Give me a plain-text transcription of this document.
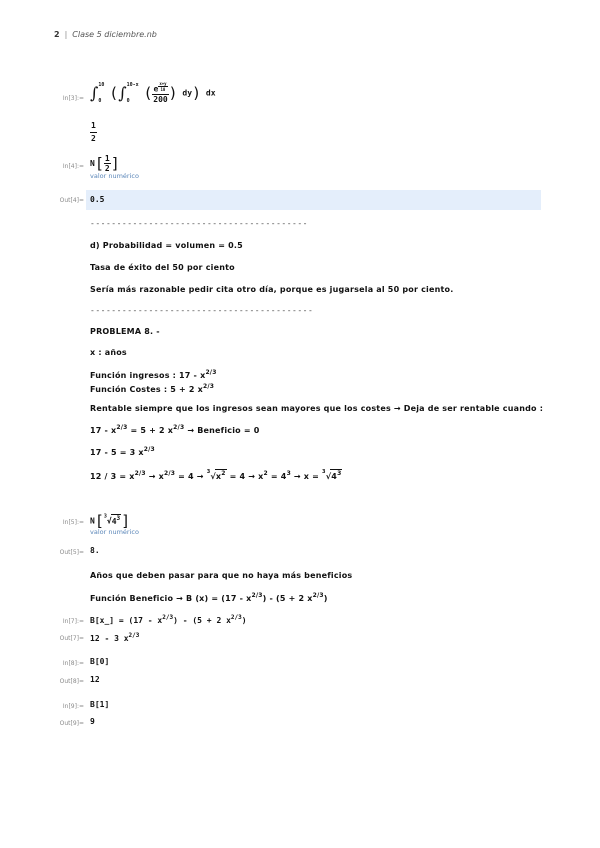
2 | Clase 5 diciembre.nb
In[3]:= ∫ 10
0 (∫ 10-x
0 ( e $^{\frac{x+y}{10}}$
200 ) dy) dx
$\frac{1}{2}$
In[4]:= $N[ \frac{1}{2}$ ]
valor numérico
Out[4]= 0.5
-----------------------------------------
d) Probabilidad = volumen = 0.5
Tasa de éxito del 50 por ciento
Sería más razonable pedir cita otro día, porque es jugarsela al 50 por ciento.
------------------------------------------
PROBLEMA 8. -
x : años
Función ingresos : $17 - x^{2/3}$
Función Costes : 5 + 2 $x^{2/3}$
Rentable siempre que los ingresos sean mayores que los costes → Deja de ser rentable cuando :
$17 - x^{2/3} = 5 + 2$ $x^{2/3}$ → Beneficio = 0
17 - 5 = 3 $x^{2/3}$
$12 / 3 = x^{2/3} \to x^{2/3} = 4 \to ^3√x^2 = 4 \to x^2 = 4^3 \to x = ^3√4^3$
In[5]:= $N[^3√4^3]$
valor numérico
Out[5]= 8.
Años que deben pasar para que no haya más beneficios
Función Beneficio → B $(x) = (17 - x^{2/3}) - (5 + 2$ $x^{2/3}$)
In[7]:= B[x_] = $(17 - x^{2/3}) - (5 + 2$ $x^{2/3}$)
Out[7]= 12 - 3 $x^{2/3}$
In[8]:= B[0]
Out[8]= 12
In[9]:= B[1]
Out[9]= 9
